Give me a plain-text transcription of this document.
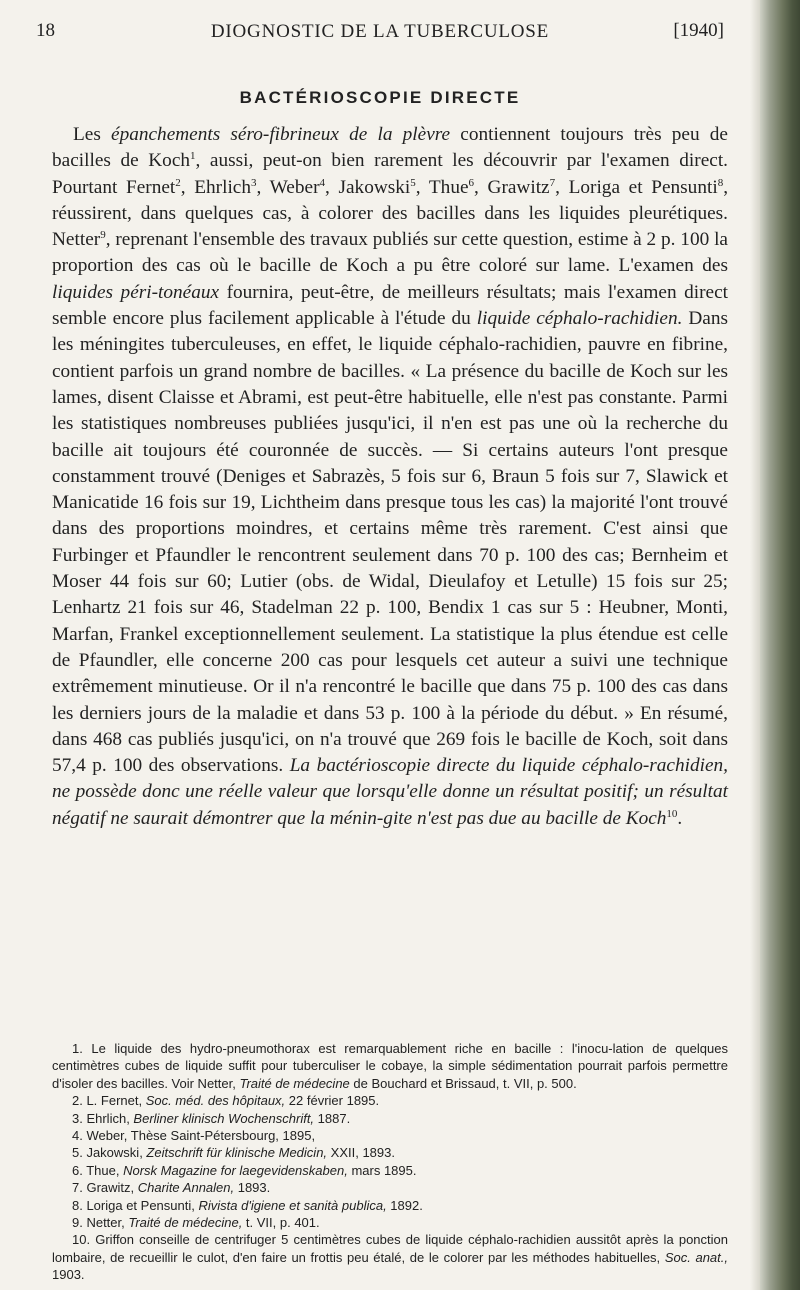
18	DIOGNOSTIC DE LA TUBERCULOSE	[1940]
BACTÉRIOSCOPIE DIRECTE

Les épanchements séro-fibrineux de la plèvre contiennent toujours très peu de bacilles de Koch$^1$, aussi, peut-on bien rarement les découvrir par l'examen direct. Pourtant Fernet$^2$, Ehrlich$^3$, Weber$^4$, Jakowski$^5$, Thue$^6$, Grawitz$^7$, Loriga et Pensunti$^8$, réussirent, dans quelques cas, à colorer des bacilles dans les liquides pleurétiques. Netter$^9$, reprenant l'ensemble des travaux publiés sur cette question, estime à 2 p. 100 la proportion des cas où le bacille de Koch a pu être coloré sur lame. L'examen des liquides péri-tonéaux fournira, peut-être, de meilleurs résultats; mais l'examen direct semble encore plus facilement applicable à l'étude du liquide céphalo-rachidien. Dans les méningites tuberculeuses, en effet, le liquide céphalo-rachidien, pauvre en fibrine, contient parfois un grand nombre de bacilles. « La présence du bacille de Koch sur les lames, disent Claisse et Abrami, est peut-être habituelle, elle n'est pas constante. Parmi les statistiques nombreuses publiées jusqu'ici, il n'en est pas une où la recherche du bacille ait toujours été couronnée de succès. — Si certains auteurs l'ont presque constamment trouvé (Deniges et Sabrazès, 5 fois sur 6, Braun 5 fois sur 7, Slawick et Manicatide 16 fois sur 19, Lichtheim dans presque tous les cas) la majorité l'ont trouvé dans des proportions moindres, et certains même très rarement. C'est ainsi que Furbinger et Pfaundler le rencontrent seulement dans 70 p. 100 des cas; Bernheim et Moser 44 fois sur 60; Lutier (obs. de Widal, Dieulafoy et Letulle) 15 fois sur 25; Lenhartz 21 fois sur 46, Stadelman 22 p. 100, Bendix 1 cas sur 5 : Heubner, Monti, Marfan, Frankel exceptionnellement seulement. La statistique la plus étendue est celle de Pfaundler, elle concerne 200 cas pour lesquels cet auteur a suivi une technique extrêmement minutieuse. Or il n'a rencontré le bacille que dans 75 p. 100 des cas dans les derniers jours de la maladie et dans 53 p. 100 à la période du début. » En résumé, dans 468 cas publiés jusqu'ici, on n'a trouvé que 269 fois le bacille de Koch, soit dans 57,4 p. 100 des observations. La bactérioscopie directe du liquide céphalo-rachidien, ne possède donc une réelle valeur que lorsqu'elle donne un résultat positif; un résultat négatif ne saurait démontrer que la ménin-gite n'est pas due au bacille de Koch$^{10}$.

1. Le liquide des hydro-pneumothorax est remarquablement riche en bacille : l'inocu-lation de quelques centimètres cubes de liquide suffit pour tuberculiser le cobaye, la simple sédimentation pourrait parfois permettre d'isoler des bacilles. Voir Netter, Traité de médecine de Bouchard et Brissaud, t. VII, p. 500.
2. L. Fernet, Soc. méd. des hôpitaux, 22 février 1895.
3. Ehrlich, Berliner klinisch Wochenschrift, 1887.
4. Weber, Thèse Saint-Pétersbourg, 1895,
5. Jakowski, Zeitschrift für klinische Medicin, XXII, 1893.
6. Thue, Norsk Magazine for laegevidenskaben, mars 1895.
7. Grawitz, Charite Annalen, 1893.
8. Loriga et Pensunti, Rivista d'igiene et sanità publica, 1892.
9. Netter, Traité de médecine, t. VII, p. 401.
10. Griffon conseille de centrifuger 5 centimètres cubes de liquide céphalo-rachidien aussitôt après la ponction lombaire, de recueillir le culot, d'en faire un frottis peu étalé, de le colorer par les méthodes habituelles, Soc. anat., 1903.
